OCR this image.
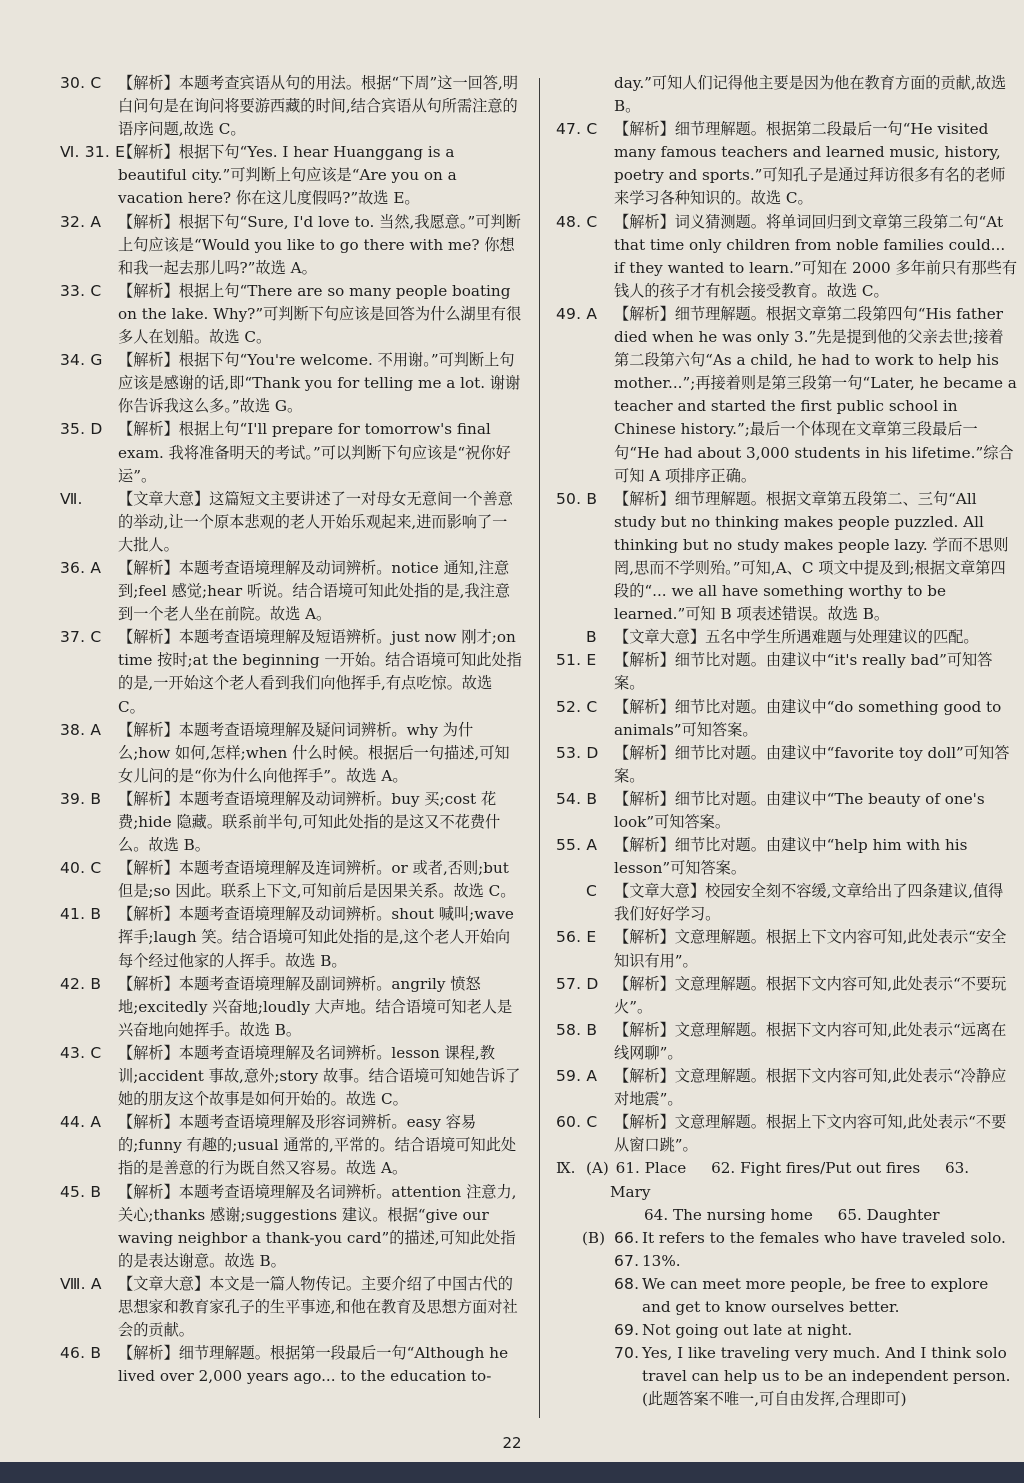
30. C 【解析】本题考查宾语从句的用法。根据“下周”这一回答,明白问句是在询问将要游西藏的时间,结合宾语从句所需注意的语序问题,故选 C。
Ⅵ. 31. E
【解析】根据下句“Yes. I hear Huanggang is a beautiful city.”可判断上句应该是“Are you on a vacation here? 你在这儿度假吗?”故选 E。
32. A 【解析】根据下句“Sure, I'd love to. 当然,我愿意。”可判断上句应该是“Would you like to go there with me? 你想和我一起去那儿吗?”故选 A。
33. C 【解析】根据上句“There are so many people boating on the lake. Why?”可判断下句应该是回答为什么湖里有很多人在划船。故选 C。
34. G 【解析】根据下句“You're welcome. 不用谢。”可判断上句应该是感谢的话,即“Thank you for telling me a lot. 谢谢你告诉我这么多。”故选 G。
35. D 【解析】根据上句“I'll prepare for tomorrow's final exam. 我将准备明天的考试。”可以判断下句应该是“祝你好运”。
Ⅶ. 【文章大意】这篇短文主要讲述了一对母女无意间一个善意的举动,让一个原本悲观的老人开始乐观起来,进而影响了一大批人。
36. A 【解析】本题考查语境理解及动词辨析。notice 通知,注意到;feel 感觉;hear 听说。结合语境可知此处指的是,我注意到一个老人坐在前院。故选 A。
37. C 【解析】本题考查语境理解及短语辨析。just now 刚才;on time 按时;at the beginning 一开始。结合语境可知此处指的是,一开始这个老人看到我们向他挥手,有点吃惊。故选 C。
38. A 【解析】本题考查语境理解及疑问词辨析。why 为什么;how 如何,怎样;when 什么时候。根据后一句描述,可知女儿问的是“你为什么向他挥手”。故选 A。
39. B 【解析】本题考查语境理解及动词辨析。buy 买;cost 花费;hide 隐藏。联系前半句,可知此处指的是这又不花费什么。故选 B。
40. C 【解析】本题考查语境理解及连词辨析。or 或者,否则;but 但是;so 因此。联系上下文,可知前后是因果关系。故选 C。
41. B 【解析】本题考查语境理解及动词辨析。shout 喊叫;wave 挥手;laugh 笑。结合语境可知此处指的是,这个老人开始向每个经过他家的人挥手。故选 B。
42. B 【解析】本题考查语境理解及副词辨析。angrily 愤怒地;excitedly 兴奋地;loudly 大声地。结合语境可知老人是兴奋地向她挥手。故选 B。
43. C 【解析】本题考查语境理解及名词辨析。lesson 课程,教训;accident 事故,意外;story 故事。结合语境可知她告诉了她的朋友这个故事是如何开始的。故选 C。
44. A 【解析】本题考查语境理解及形容词辨析。easy 容易的;funny 有趣的;usual 通常的,平常的。结合语境可知此处指的是善意的行为既自然又容易。故选 A。
45. B 【解析】本题考查语境理解及名词辨析。attention 注意力,关心;thanks 感谢;suggestions 建议。根据“give our waving neighbor a thank-you card”的描述,可知此处指的是表达谢意。故选 B。
Ⅷ. A 【文章大意】本文是一篇人物传记。主要介绍了中国古代的思想家和教育家孔子的生平事迹,和他在教育及思想方面对社会的贡献。
46. B 【解析】细节理解题。根据第一段最后一句“Although he lived over 2,000 years ago... to the education to-
day.”可知人们记得他主要是因为他在教育方面的贡献,故选 B。
47. C 【解析】细节理解题。根据第二段最后一句“He visited many famous teachers and learned music, history, poetry and sports.”可知孔子是通过拜访很多有名的老师来学习各种知识的。故选 C。
48. C 【解析】词义猜测题。将单词回归到文章第三段第二句“At that time only children from noble families could... if they wanted to learn.”可知在 2000 多年前只有那些有钱人的孩子才有机会接受教育。故选 C。
49. A 【解析】细节理解题。根据文章第二段第四句“His father died when he was only 3.”先是提到他的父亲去世;接着第二段第六句“As a child, he had to work to help his mother...”;再接着则是第三段第一句“Later, he became a teacher and started the first public school in Chinese history.”;最后一个体现在文章第三段最后一句“He had about 3,000 students in his lifetime.”综合可知 A 项排序正确。
50. B 【解析】细节理解题。根据文章第五段第二、三句“All study but no thinking makes people puzzled. All thinking but no study makes people lazy. 学而不思则罔,思而不学则殆。”可知,A、C 项文中提及到;根据文章第四段的“... we all have something worthy to be learned.”可知 B 项表述错误。故选 B。
B 【文章大意】五名中学生所遇难题与处理建议的匹配。
51. E 【解析】细节比对题。由建议中“it's really bad”可知答案。
52. C 【解析】细节比对题。由建议中“do something good to animals”可知答案。
53. D 【解析】细节比对题。由建议中“favorite toy doll”可知答案。
54. B 【解析】细节比对题。由建议中“The beauty of one's look”可知答案。
55. A 【解析】细节比对题。由建议中“help him with his lesson”可知答案。
C 【文章大意】校园安全刻不容缓,文章给出了四条建议,值得我们好好学习。
56. E 【解析】文意理解题。根据上下文内容可知,此处表示“安全知识有用”。
57. D 【解析】文意理解题。根据下文内容可知,此处表示“不要玩火”。
58. B 【解析】文意理解题。根据下文内容可知,此处表示“远离在线网聊”。
59. A 【解析】文意理解题。根据下文内容可知,此处表示“冷静应对地震”。
60. C 【解析】文意理解题。根据上下文内容可知,此处表示“不要从窗口跳”。
Ⅸ. (A) 61. Place 62. Fight fires/Put out fires 63. Mary
64. The nursing home 65. Daughter
(B) 66. It refers to the females who have traveled solo.
67. 13%.
68. We can meet more people, be free to explore and get to know ourselves better.
69. Not going out late at night.
70. Yes, I like traveling very much. And I think solo travel can help us to be an independent person. (此题答案不唯一,可自由发挥,合理即可)
22
